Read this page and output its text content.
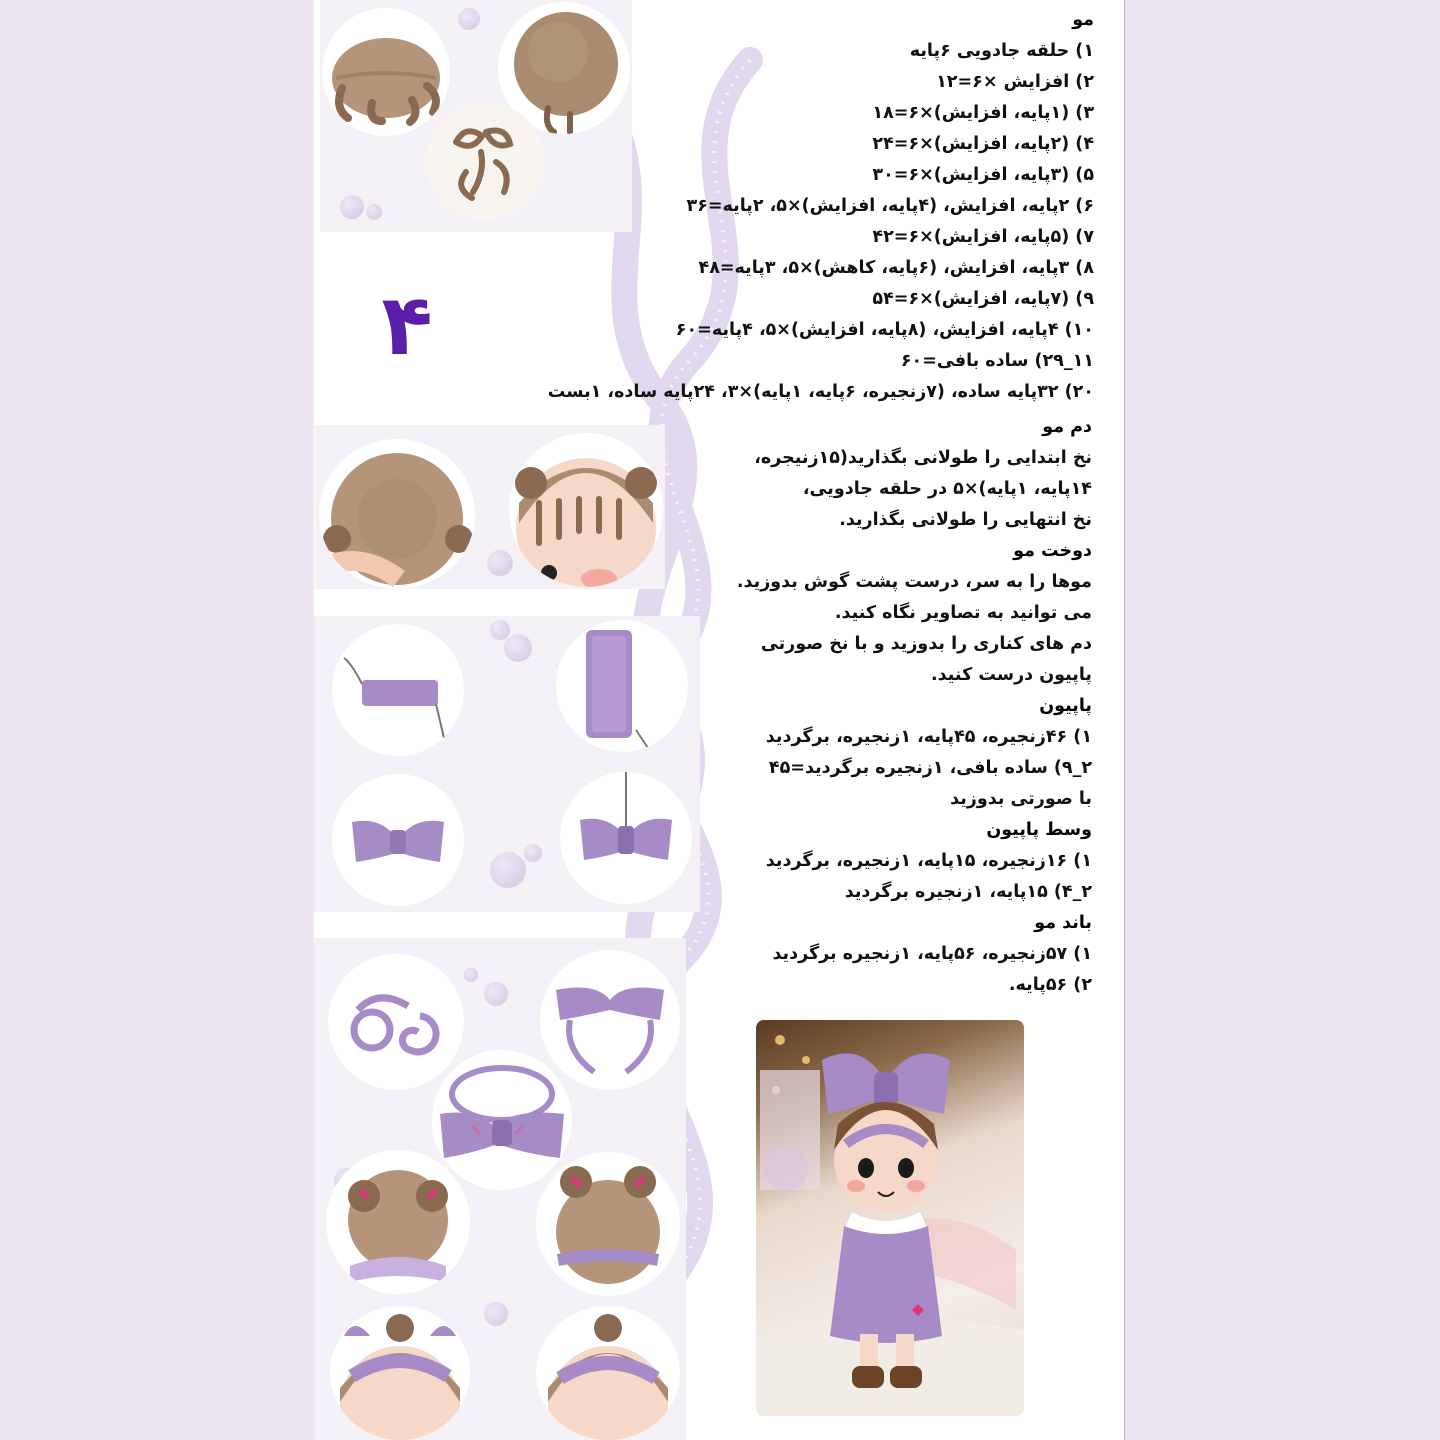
۴
مو
۱) حلقه جادویی ۶پایه
۲) افزایش ×۶=۱۲
۳) (۱پایه، افزایش)×۶=۱۸
۴) (۲پایه، افزایش)×۶=۲۴
۵) (۳پایه، افزایش)×۶=۳۰
۶) ۲پایه، افزایش، (۴پایه، افزایش)×۵، ۲پایه=۳۶
۷) (۵پایه، افزایش)×۶=۴۲
۸) ۳پایه، افزایش، (۶پایه، کاهش)×۵، ۳پایه=۴۸
۹) (۷پایه، افزایش)×۶=۵۴
۱۰) ۴پایه، افزایش، (۸پایه، افزایش)×۵، ۴پایه=۶۰
۱۱_۲۹) ساده بافی=۶۰
۲۰) ۳۲پایه ساده، (۷زنجیره، ۶پایه، ۱پایه)×۳، ۲۴پایه ساده، ۱بست
دم مو
نخ ابتدایی را طولانی بگذارید(۱۵زنیجره،
۱۴پایه، ۱پایه)×۵ در حلقه جادویی،
نخ انتهایی را طولانی بگذارید.
دوخت مو
موها را به سر، درست پشت گوش بدوزید.
می توانید به تصاویر نگاه کنید.
دم های کناری را بدوزید و با نخ صورتی
پاپیون درست کنید.
پاپیون
۱) ۴۶زنجیره، ۴۵پایه، ۱زنجیره، برگردید
۲_۹) ساده بافی، ۱زنجیره برگردید=۴۵
با صورتی بدوزید
وسط پاپیون
۱) ۱۶زنجیره، ۱۵پایه، ۱زنجیره، برگردید
۲_۴) ۱۵پایه، ۱زنجیره برگردید
باند مو
۱) ۵۷زنجیره، ۵۶پایه، ۱زنجیره برگردید
۲) ۵۶پایه.
